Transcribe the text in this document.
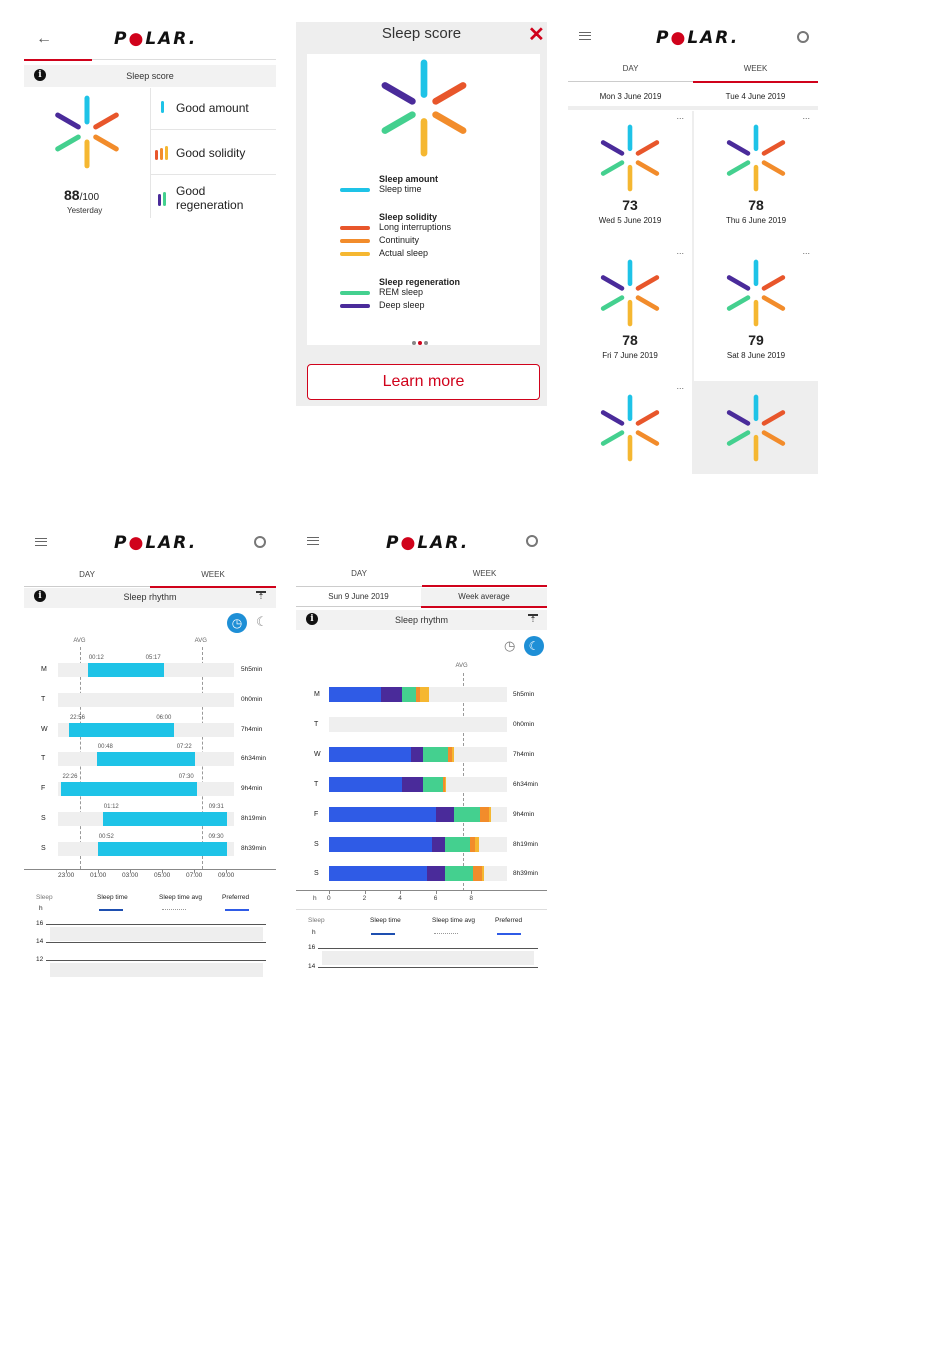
←	P●LAR.
i	Sleep score
88/100
Yesterday
Good amount
Good solidity
Good regeneration
Sleep score	✕
Sleep amount
Sleep time
Sleep solidity
Long interruptions
Continuity
Actual sleep
Sleep regeneration
REM sleep
Deep sleep
Learn more
P●LAR.
DAY	WEEK
Mon 3 June 2019	Tue 4 June 2019
...
73
Wed 5 June 2019
...
78
Thu 6 June 2019
...
78
Fri 7 June 2019
...
79
Sat 8 June 2019
...
P●LAR.
DAY	WEEK
i	Sleep rhythm	⇡
◷	☾
AVG	AVG
M	5h5min
00:12	05:17
T	0h0min
W	7h4min
22:56	06:00
T	6h34min
00:48	07:22
F	9h4min
22:26	07:30
S	8h19min
01:12	09:31
S	8h39min
00:52	09:30
23:00 01:00 03:00 05:00 07:00 09:00
Sleep	Sleep time	Sleep time avg	Preferred
h
16
14
12
P●LAR.
DAY	WEEK
Sun 9 June 2019	Week average
i	Sleep rhythm	⇡
◷	☾
AVG
M	5h5min
T	0h0min
W	7h4min
T	6h34min
F	9h4min
S	8h19min
S	8h39min
h 0	2	4	6	8
Sleep	Sleep time	Sleep time avg	Preferred
h
16
14
